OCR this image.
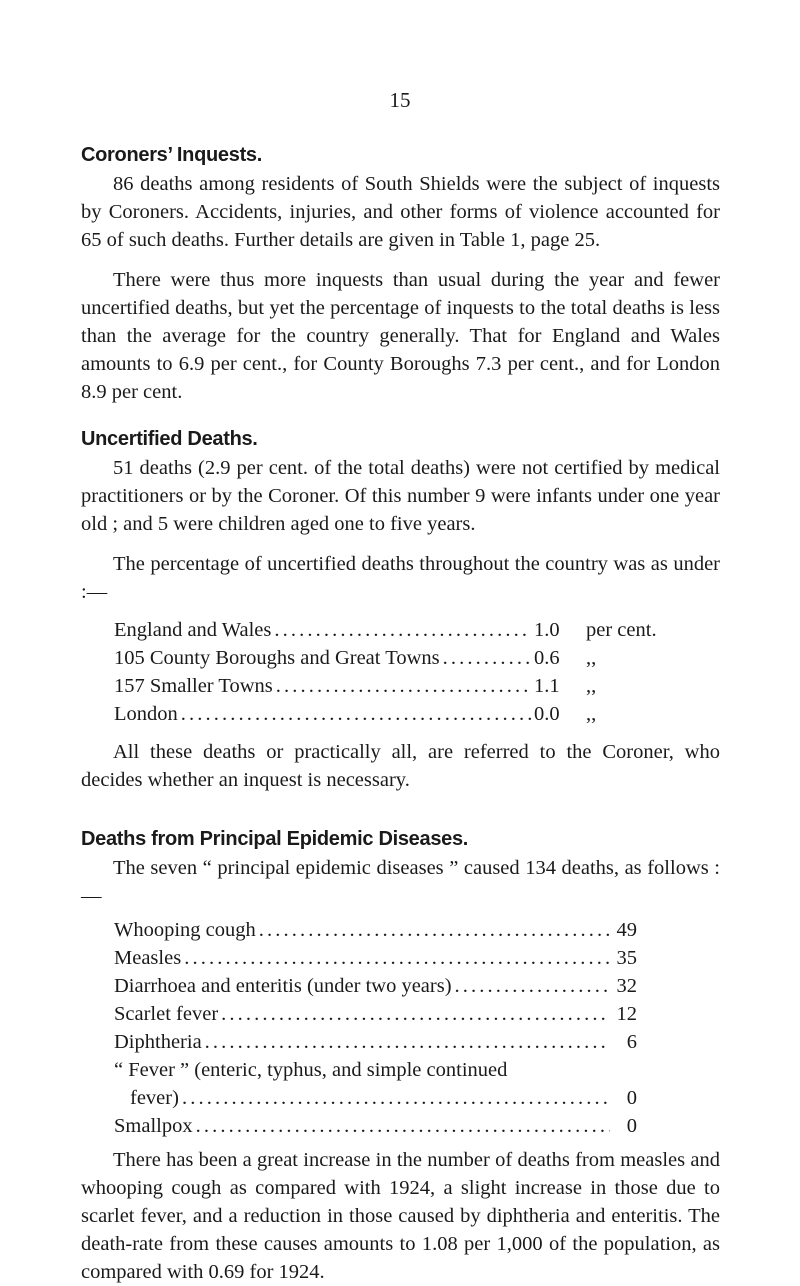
15
Coroners’ Inquests.

86 deaths among residents of South Shields were the subject of inquests by Coroners. Accidents, injuries, and other forms of violence accounted for 65 of such deaths. Further details are given in Table 1, page 25.

There were thus more inquests than usual during the year and fewer uncertified deaths, but yet the percentage of inquests to the total deaths is less than the average for the country generally. That for England and Wales amounts to 6.9 per cent., for County Boroughs 7.3 per cent., and for London 8.9 per cent.

Uncertified Deaths.

51 deaths (2.9 per cent. of the total deaths) were not certified by medical practitioners or by the Coroner. Of this number 9 were infants under one year old ; and 5 were children aged one to five years.

The percentage of uncertified deaths throughout the country was as under :—

England and Wales . . .	1.0	per cent.
105 County Boroughs and Great Towns . . .	0.6	,,
157 Smaller Towns . . .	1.1	,,
London . . .	0.0	,,

All these deaths or practically all, are referred to the Coroner, who decides whether an inquest is necessary.

Deaths from Principal Epidemic Diseases.

The seven “ principal epidemic diseases ” caused 134 deaths, as follows :—

Whooping cough . . .	49
Measles . . .	35
Diarrhoea and enteritis (under two years) . . .	32
Scarlet fever . . .	12
Diphtheria . . .	6
“ Fever ” (enteric, typhus, and simple continued
fever) . . .	0
Smallpox . . .	0

There has been a great increase in the number of deaths from measles and whooping cough as compared with 1924, a slight increase in those due to scarlet fever, and a reduction in those caused by diphtheria and enteritis. The death-rate from these causes amounts to 1.08 per 1,000 of the population, as compared with 0.69 for 1924.
